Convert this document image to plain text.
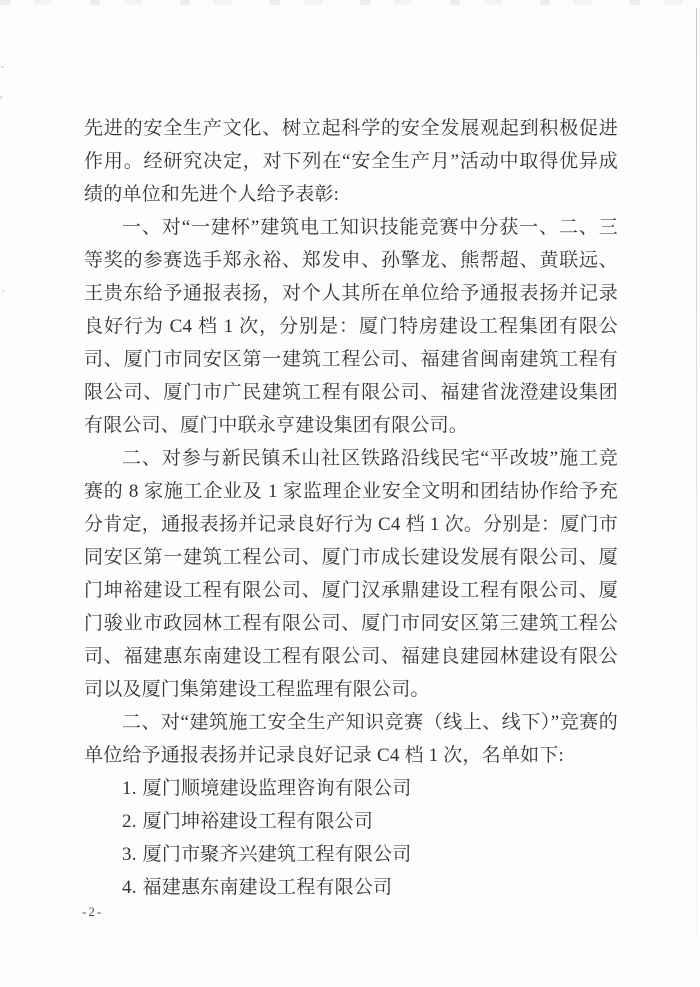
先进的安全生产文化、树立起科学的安全发展观起到积极促进作用。经研究决定，对下列在“安全生产月”活动中取得优异成绩的单位和先进个人给予表彰:

一、对“一建杯”建筑电工知识技能竞赛中分获一、二、三等奖的参赛选手郑永裕、郑发申、孙擎龙、熊帮超、黄联远、王贵东给予通报表扬，对个人其所在单位给予通报表扬并记录良好行为 C4 档 1 次，分别是：厦门特房建设工程集团有限公司、厦门市同安区第一建筑工程公司、福建省闽南建筑工程有限公司、厦门市广民建筑工程有限公司、福建省泷澄建设集团有限公司、厦门中联永亨建设集团有限公司。

二、对参与新民镇禾山社区铁路沿线民宅“平改坡”施工竞赛的 8 家施工企业及 1 家监理企业安全文明和团结协作给予充分肯定，通报表扬并记录良好行为 C4 档 1 次。分别是：厦门市同安区第一建筑工程公司、厦门市成长建设发展有限公司、厦门坤裕建设工程有限公司、厦门汉承鼎建设工程有限公司、厦门骏业市政园林工程有限公司、厦门市同安区第三建筑工程公司、福建惠东南建设工程有限公司、福建良建园林建设有限公司以及厦门集第建设工程监理有限公司。

二、对“建筑施工安全生产知识竞赛（线上、线下）”竞赛的单位给予通报表扬并记录良好记录 C4 档 1 次，名单如下:

1. 厦门顺境建设监理咨询有限公司
2. 厦门坤裕建设工程有限公司
3. 厦门市聚齐兴建筑工程有限公司
4. 福建惠东南建设工程有限公司
-2-
